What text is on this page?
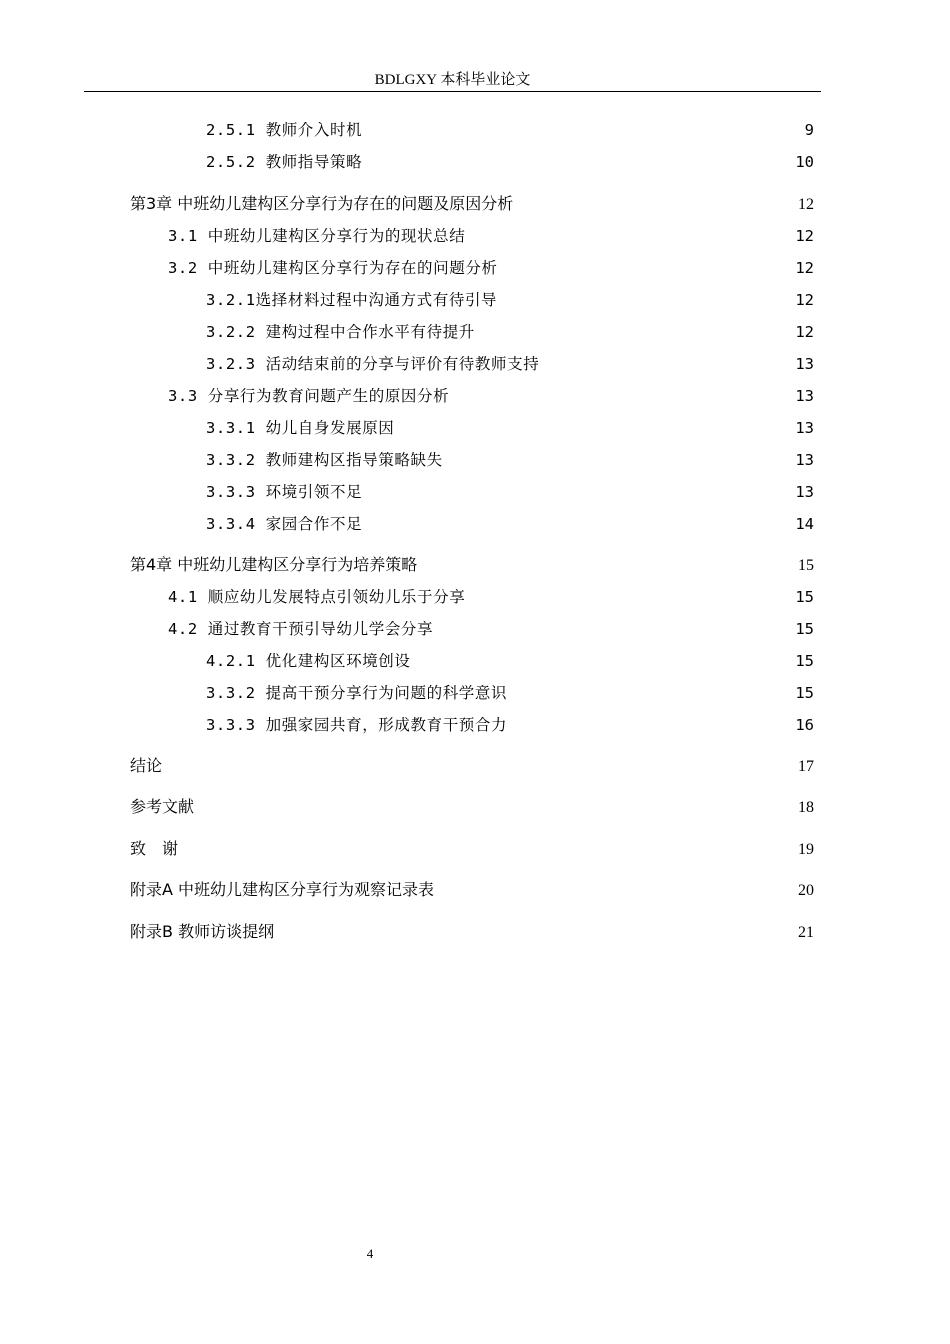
BDLGXY 本科毕业论文
2.5.1 教师介入时机	9
2.5.2 教师指导策略	10
第3章 中班幼儿建构区分享行为存在的问题及原因分析	12
3.1 中班幼儿建构区分享行为的现状总结	12
3.2 中班幼儿建构区分享行为存在的问题分析	12
3.2.1选择材料过程中沟通方式有待引导	12
3.2.2 建构过程中合作水平有待提升	12
3.2.3 活动结束前的分享与评价有待教师支持	13
3.3 分享行为教育问题产生的原因分析	13
3.3.1 幼儿自身发展原因	13
3.3.2 教师建构区指导策略缺失	13
3.3.3 环境引领不足	13
3.3.4 家园合作不足	14
第4章 中班幼儿建构区分享行为培养策略	15
4.1 顺应幼儿发展特点引领幼儿乐于分享	15
4.2 通过教育干预引导幼儿学会分享	15
4.2.1 优化建构区环境创设	15
3.3.2 提高干预分享行为问题的科学意识	15
3.3.3 加强家园共育，形成教育干预合力	16
结论	17
参考文献	18
致　谢	19
附录A 中班幼儿建构区分享行为观察记录表	20
附录B 教师访谈提纲	21
4
